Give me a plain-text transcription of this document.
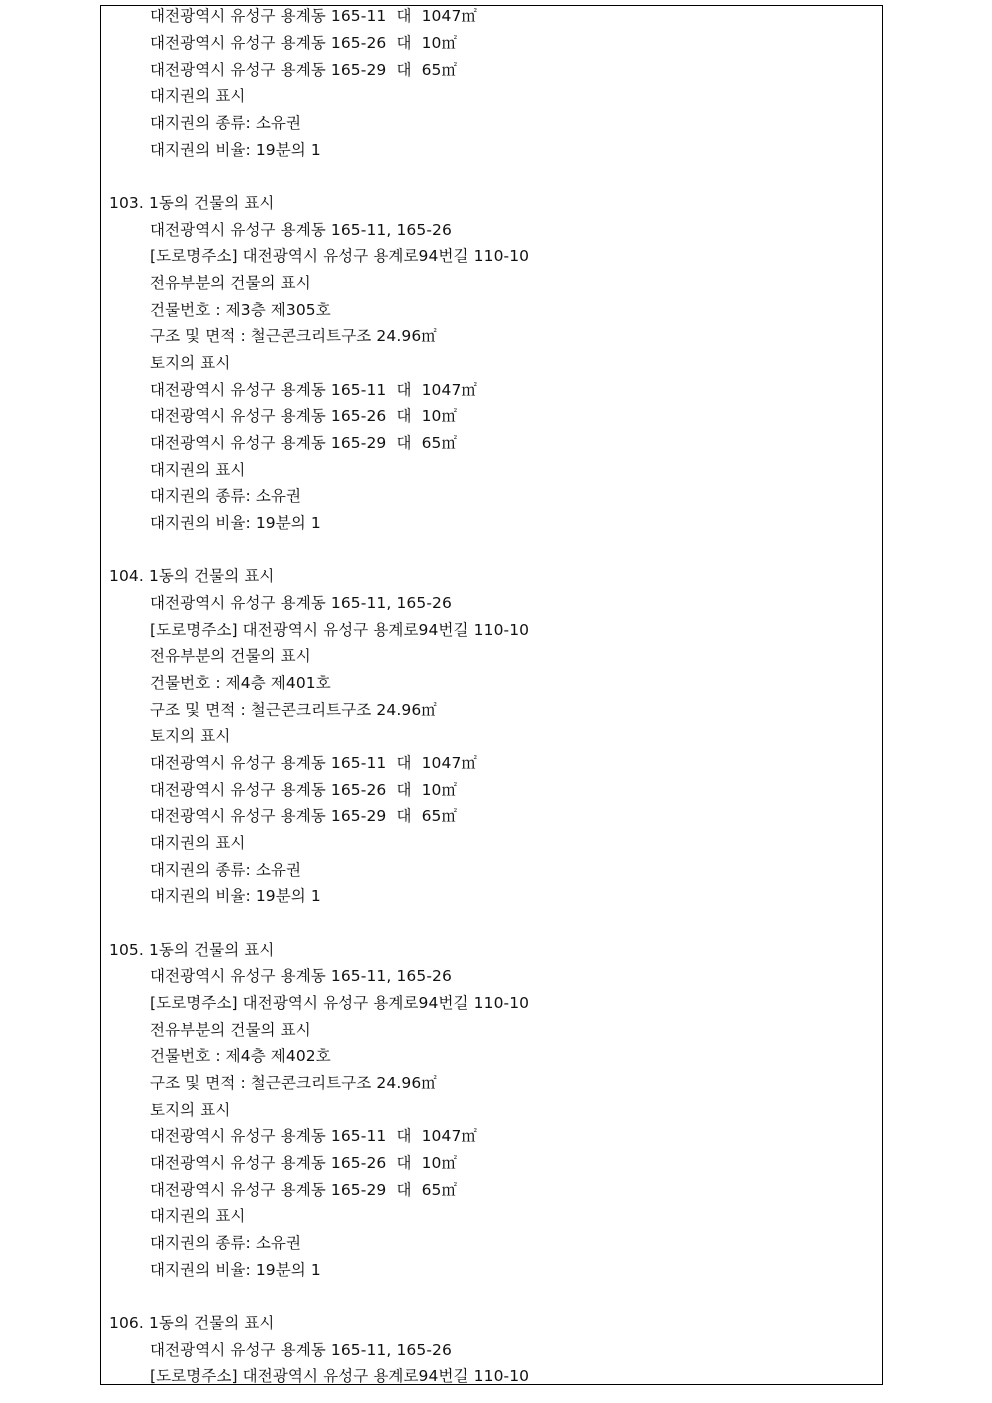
대전광역시 유성구 용계동 165-11  대  1047㎡
대전광역시 유성구 용계동 165-26  대  10㎡
대전광역시 유성구 용계동 165-29  대  65㎡
대지권의 표시
대지권의 종류: 소유권
대지권의 비율: 19분의 1
103. 1동의 건물의 표시
대전광역시 유성구 용계동 165-11, 165-26
[도로명주소] 대전광역시 유성구 용계로94번길 110-10
전유부분의 건물의 표시
건물번호 : 제3층 제305호
구조 및 면적 : 철근콘크리트구조 24.96㎡
토지의 표시
대전광역시 유성구 용계동 165-11  대  1047㎡
대전광역시 유성구 용계동 165-26  대  10㎡
대전광역시 유성구 용계동 165-29  대  65㎡
대지권의 표시
대지권의 종류: 소유권
대지권의 비율: 19분의 1
104. 1동의 건물의 표시
대전광역시 유성구 용계동 165-11, 165-26
[도로명주소] 대전광역시 유성구 용계로94번길 110-10
전유부분의 건물의 표시
건물번호 : 제4층 제401호
구조 및 면적 : 철근콘크리트구조 24.96㎡
토지의 표시
대전광역시 유성구 용계동 165-11  대  1047㎡
대전광역시 유성구 용계동 165-26  대  10㎡
대전광역시 유성구 용계동 165-29  대  65㎡
대지권의 표시
대지권의 종류: 소유권
대지권의 비율: 19분의 1
105. 1동의 건물의 표시
대전광역시 유성구 용계동 165-11, 165-26
[도로명주소] 대전광역시 유성구 용계로94번길 110-10
전유부분의 건물의 표시
건물번호 : 제4층 제402호
구조 및 면적 : 철근콘크리트구조 24.96㎡
토지의 표시
대전광역시 유성구 용계동 165-11  대  1047㎡
대전광역시 유성구 용계동 165-26  대  10㎡
대전광역시 유성구 용계동 165-29  대  65㎡
대지권의 표시
대지권의 종류: 소유권
대지권의 비율: 19분의 1
106. 1동의 건물의 표시
대전광역시 유성구 용계동 165-11, 165-26
[도로명주소] 대전광역시 유성구 용계로94번길 110-10
